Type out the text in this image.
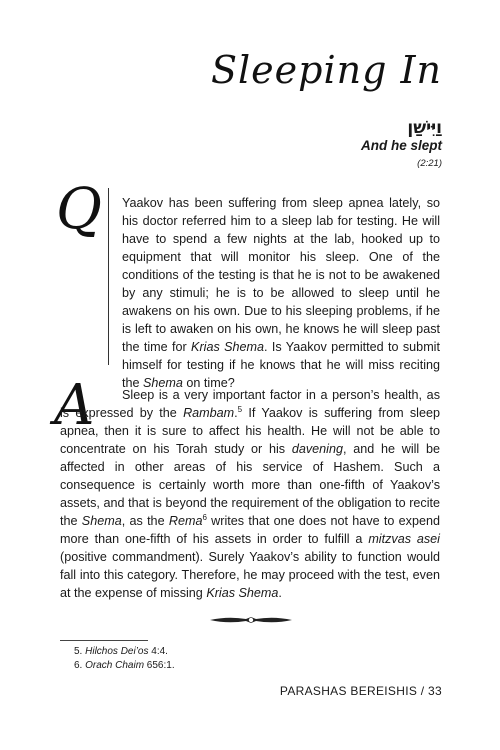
Sleeping In
וַיִּישַׁן
And he slept
(2:21)
Q Yaakov has been suffering from sleep apnea lately, so his doctor referred him to a sleep lab for testing. He will have to spend a few nights at the lab, hooked up to equipment that will monitor his sleep. One of the conditions of the testing is that he is not to be awakened by any stimuli; he is to be allowed to sleep until he awakens on his own. Due to his sleeping problems, if he is left to awaken on his own, he knows he will sleep past the time for Krias Shema. Is Yaakov permitted to submit himself for testing if he knows that he will miss reciting the Shema on time?

A	Sleep is a very important factor in a person’s health, as is expressed by the Rambam.$^5$ If Yaakov is suffering from sleep apnea, then it is sure to affect his health. He will not be able to concentrate on his Torah study or his davening, and he will be affected in other areas of his service of Hashem. Such a consequence is certainly worth more than one-fifth of Yaakov’s assets, and that is beyond the requirement of the obligation to recite the Shema, as the Rema$^6$ writes that one does not have to expend more than one-fifth of his assets in order to fulfill a mitzvas asei (positive commandment). Surely Yaakov’s ability to function would fall into this category. Therefore, he may proceed with the test, even at the expense of missing Krias Shema.

5. Hilchos Dei’os 4:4.
6. Orach Chaim 656:1.
PARASHAS BEREISHIS / 33
